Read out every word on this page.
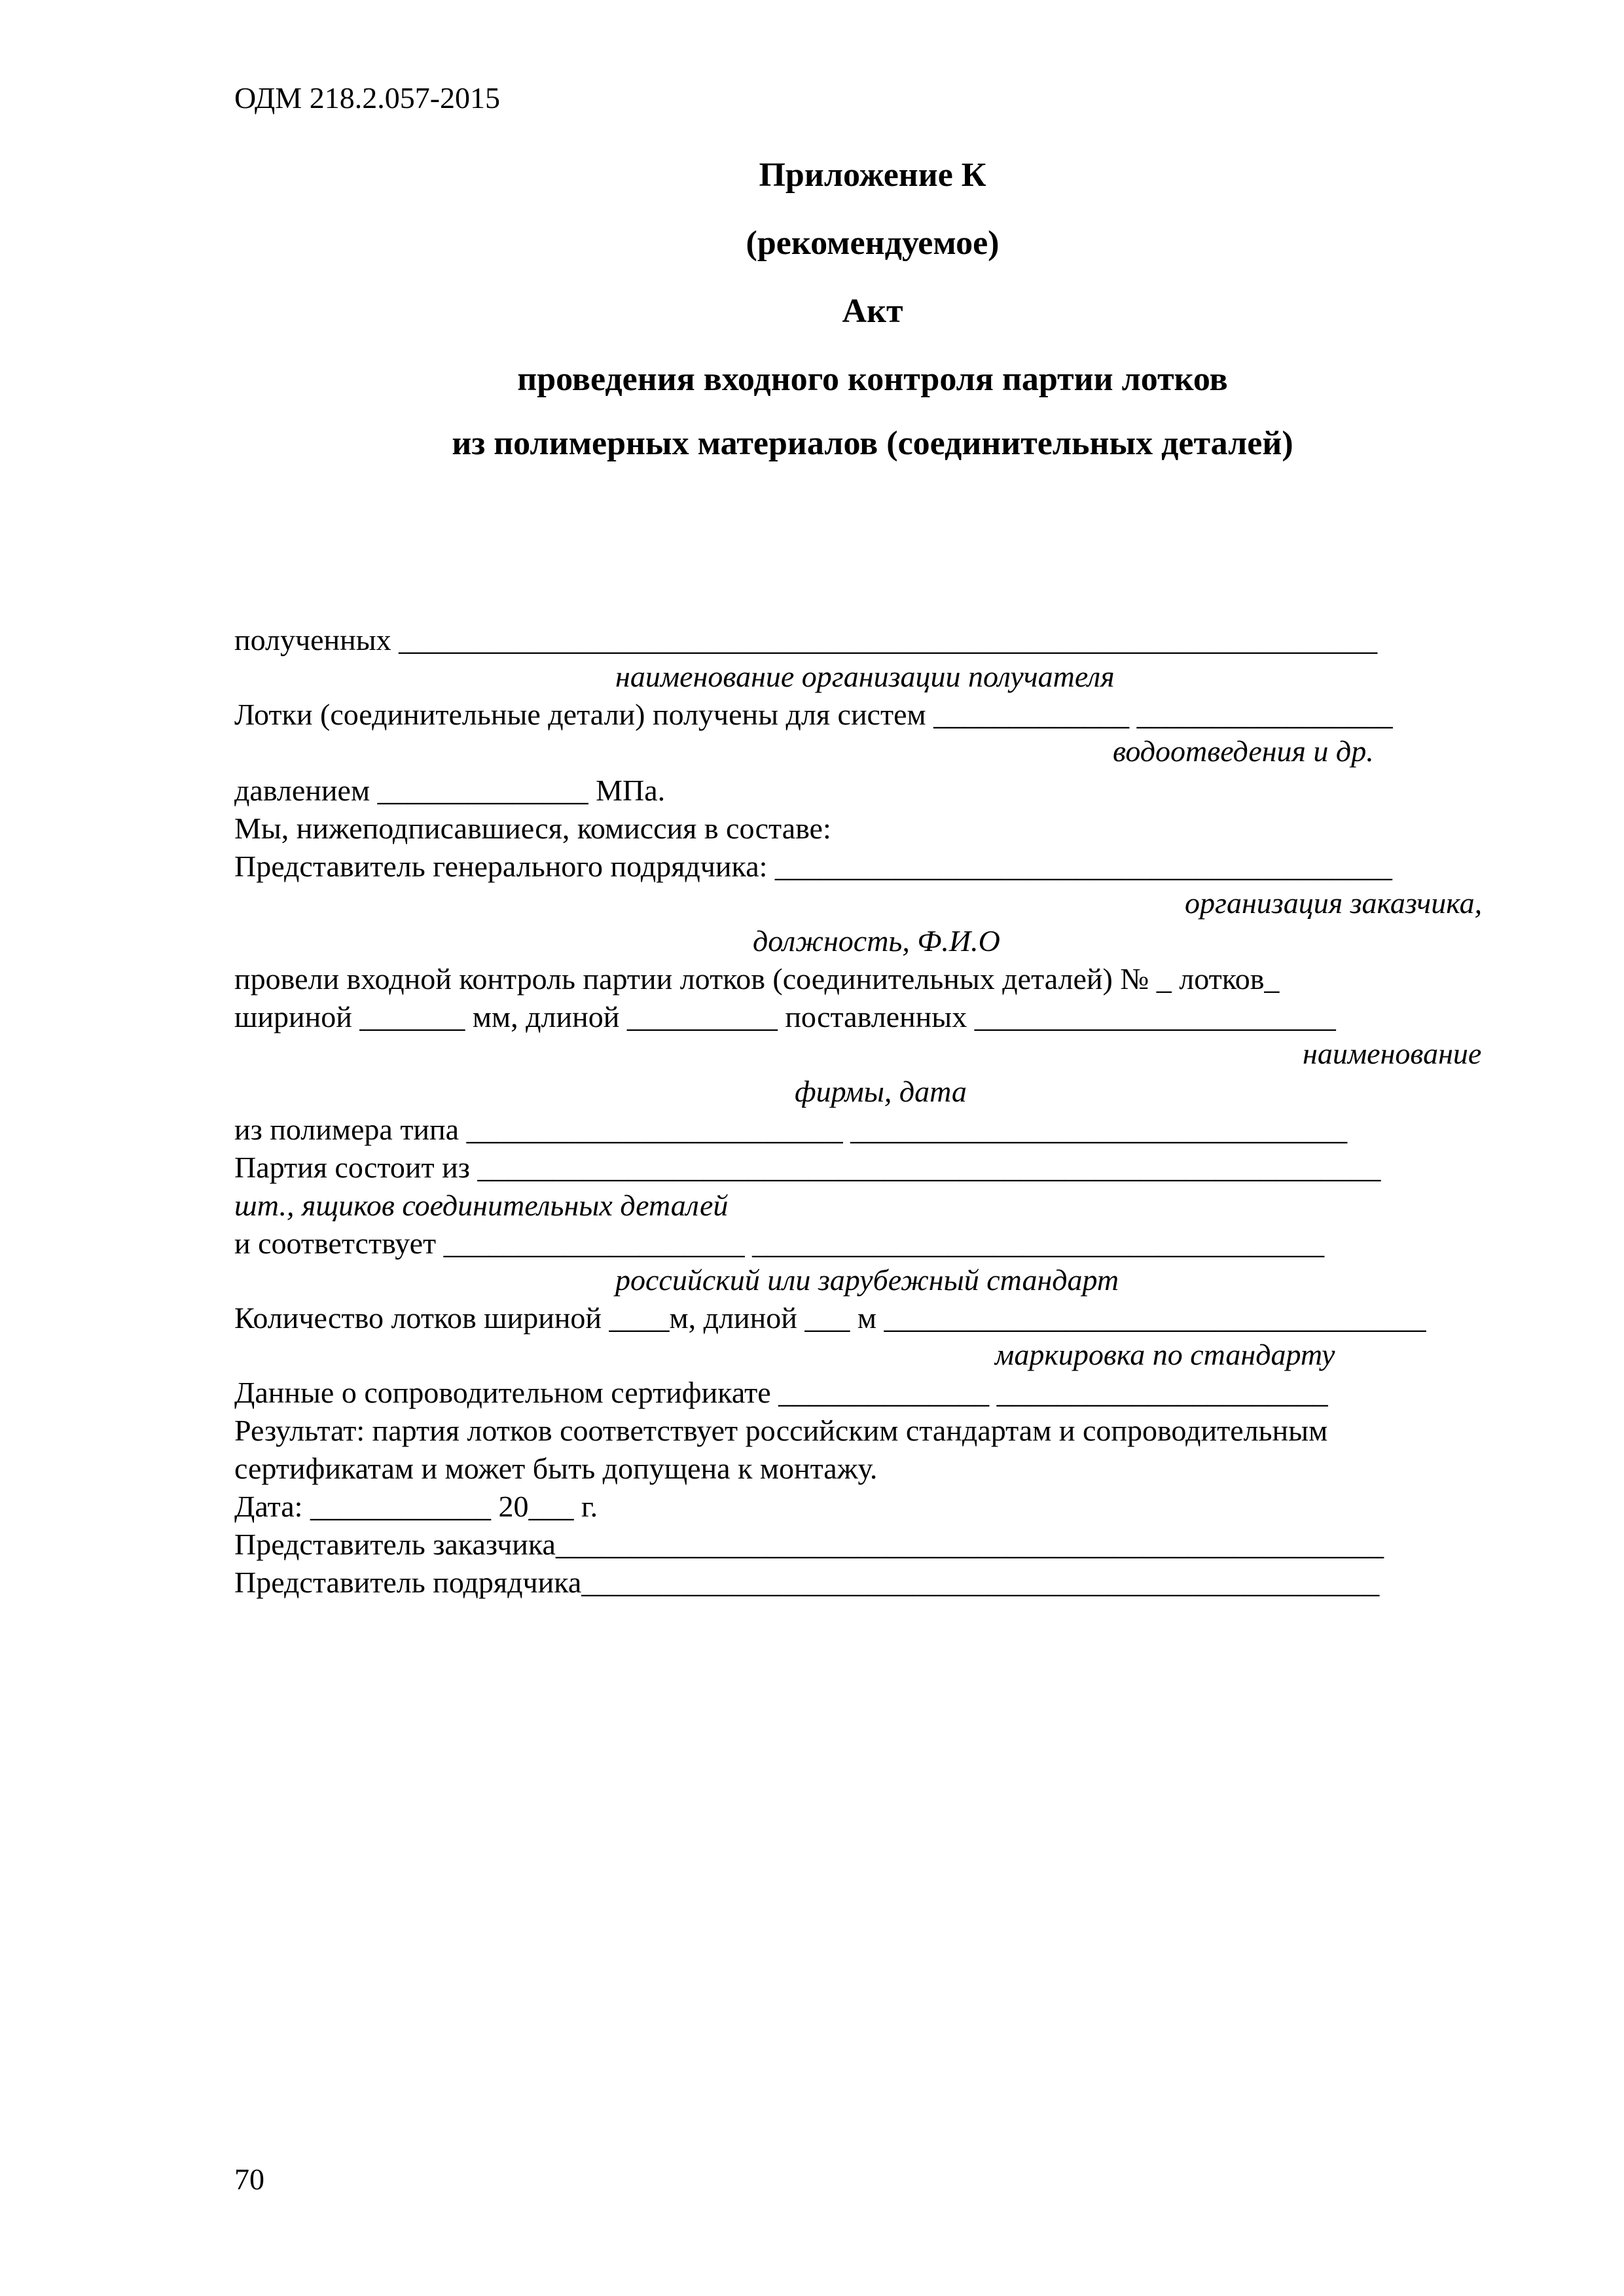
ОДМ 218.2.057-2015
Приложение К
(рекомендуемое)
Акт
проведения входного контроля партии лотков
из полимерных материалов (соединительных деталей)
полученных _________________________________________________________________
наименование организации получателя
Лотки (соединительные детали) получены для систем _____________ _________________
водоотведения и др.
давлением ______________ МПа.
Мы, нижеподписавшиеся, комиссия в составе:
Представитель генерального подрядчика: _________________________________________
организация заказчика,
должность, Ф.И.О
провели входной контроль партии лотков (соединительных деталей) № _ лотков_
шириной _______ мм, длиной __________ поставленных ________________________
наименование
фирмы, дата
из полимера типа _________________________ _________________________________
Партия состоит из ____________________________________________________________
шт., ящиков соединительных деталей
и соответствует ____________________ ______________________________________
российский или зарубежный стандарт
Количество лотков шириной ____м, длиной ___ м ____________________________________
маркировка по стандарту
Данные о сопроводительном сертификате ______________ ______________________
Результат: партия лотков соответствует российским стандартам и сопроводительным
сертификатам и может быть допущена к монтажу.
Дата: ____________ 20___ г.
Представитель заказчика_______________________________________________________
Представитель подрядчика_____________________________________________________
70
